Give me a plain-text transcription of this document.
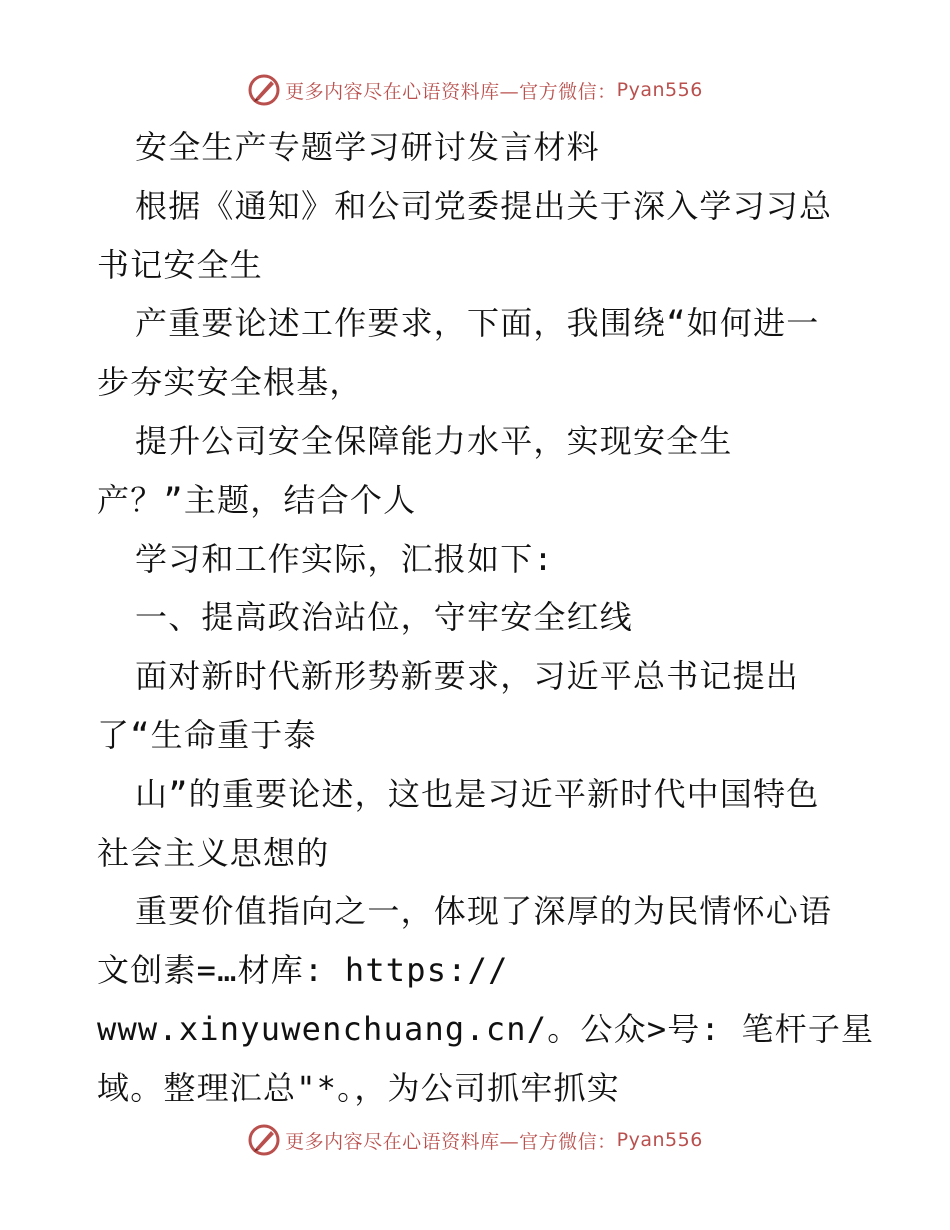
更多内容尽在心语资料库—官方微信： Pyan556
安全生产专题学习研讨发言材料
根据《通知》和公司党委提出关于深入学习习总
书记安全生
产重要论述工作要求，下面，我围绕“如何进一
步夯实安全根基，
提升公司安全保障能力水平，实现安全生
产？”主题，结合个人
学习和工作实际，汇报如下:
一、提高政治站位，守牢安全红线
面对新时代新形势新要求，习近平总书记提出
了“生命重于泰
山”的重要论述，这也是习近平新时代中国特色
社会主义思想的
重要价值指向之一，体现了深厚的为民情怀心语
文创素=…材库: https://
www.xinyuwenchuang.cn/。公众>号: 笔杆子星
域。整理汇总"*。，为公司抓牢抓实
更多内容尽在心语资料库—官方微信： Pyan556
